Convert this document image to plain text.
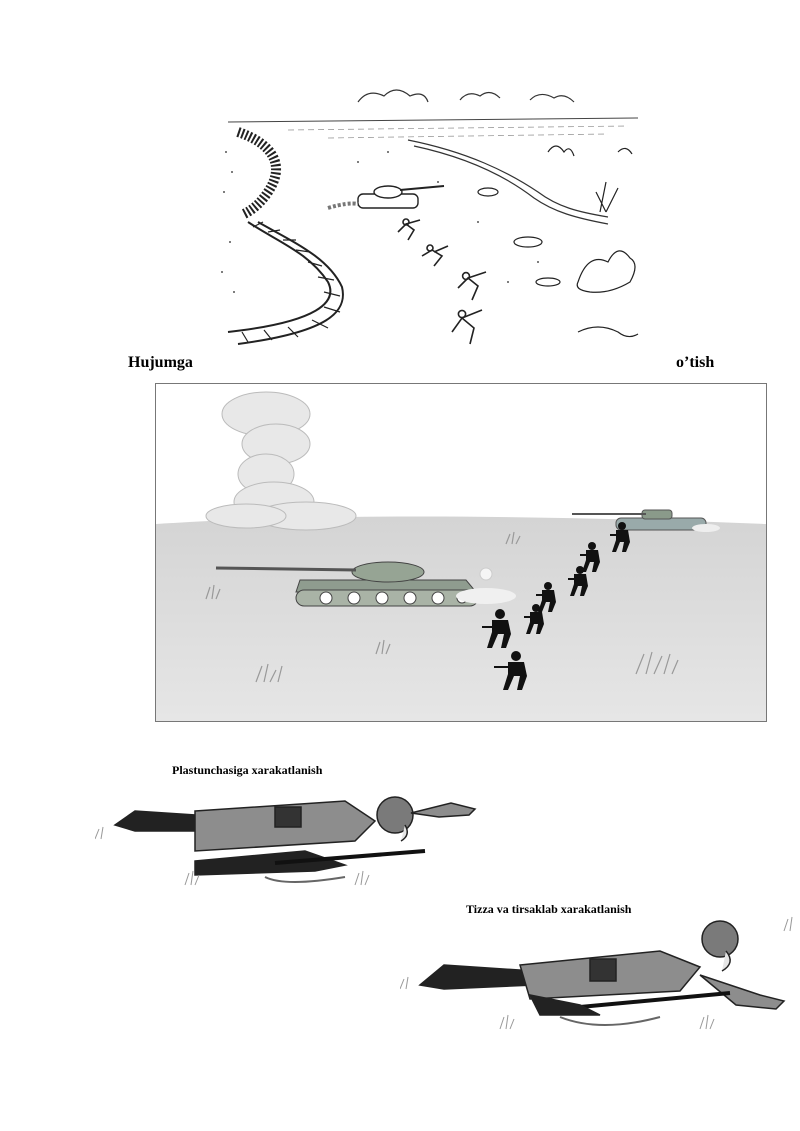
Hujumga	o’tish
Plastunchasiga xarakatlanish
Tizza va tirsaklab xarakatlanish
